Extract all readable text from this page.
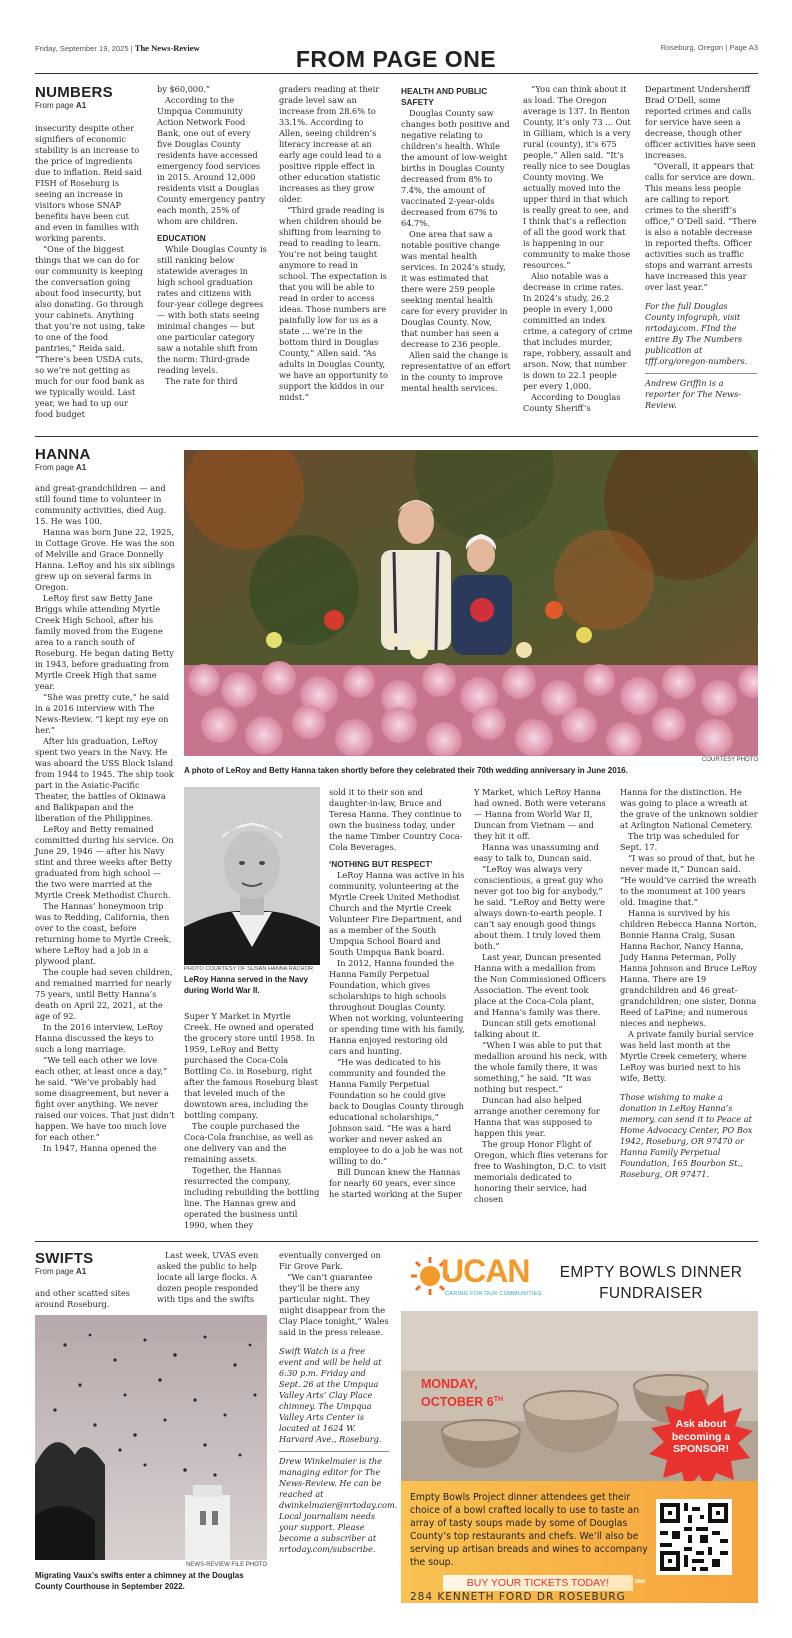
Friday, September 19, 2025 | The News-Review	FROM PAGE ONE	Roseburg, Oregon | Page A3
NUMBERS
From page A1

insecurity despite other signifiers of economic stability is an increase to the price of ingredients due to inflation. Reid said FISH of Roseburg is seeing an increase in visitors whose SNAP benefits have been cut and even in families with working parents.

“One of the biggest things that we can do for our community is keeping the conversation going about food insecurity, but also donating. Go through your cabinets. Anything that you’re not using, take to one of the food pantries,” Reida said. “There’s been USDA cuts, so we’re not getting as much for our food bank as we typically would. Last year, we had to up our food budget

by $60,000.”

According to the Umpqua Community Action Network Food Bank, one out of every five Douglas County residents have accessed emergency food services in 2015. Around 12,000 residents visit a Douglas County emergency pantry each month, 25% of whom are children.

EDUCATION

While Douglas County is still ranking below statewide averages in high school graduation rates and citizens with four-year college degrees — with both stats seeing minimal changes — but one particular category saw a notable shift from the norm: Third-grade reading levels.

The rate for third

graders reading at their grade level saw an increase from 28.6% to 33.1%. According to Allen, seeing children’s literacy increase at an early age could lead to a positive ripple effect in other education statistic increases as they grow older.

“Third grade reading is when children should be shifting from learning to read to reading to learn. You’re not being taught anymore to read in school. The expectation is that you will be able to read in order to access ideas. Those numbers are painfully low for us as a state ... we’re in the bottom third in Douglas County,” Allen said. “As adults in Douglas County, we have an opportunity to support the kiddos in our midst.”

HEALTH AND PUBLIC SAFETY

Douglas County saw changes both positive and negative relating to children’s health. While the amount of low-weight births in Douglas County decreased from 8% to 7.4%, the amount of vaccinated 2-year-olds decreased from 67% to 64.7%.

One area that saw a notable positive change was mental health services. In 2024’s study, it was estimated that there were 259 people seeking mental health care for every provider in Douglas County. Now, that number has seen a decrease to 236 people.

Allen said the change is representative of an effort in the county to improve mental health services.

“You can think about it as load. The Oregon average is 137. In Benton County, it’s only 73 ... Out in Gilliam, which is a very rural (county), it’s 675 people,” Allen said. “It’s really nice to see Douglas County moving. We actually moved into the upper third in that which is really great to see, and I think that’s a reflection of all the good work that is happening in our community to make those resources.”

Also notable was a decrease in crime rates. In 2024’s study, 26.2 people in every 1,000 committed an index crime, a category of crime that includes murder, rape, robbery, assault and arson. Now, that number is down to 22.1 people per every 1,000.

According to Douglas County Sheriff’s

Department Undersheriff Brad O’Dell, some reported crimes and calls for service have seen a decrease, though other officer activities have seen increases.

“Overall, it appears that calls for service are down. This means less people are calling to report crimes to the sheriff’s office,” O’Dell said. “There is also a notable decrease in reported thefts. Officer activities such as traffic stops and warrant arrests have increased this year over last year.”

For the full Douglas County infograph, visit nrtoday.com. FInd the entire By The Numbers publication at tfff.org/oregon-numbers.

Andrew Griffin is a reporter for The News-Review.

HANNA
From page A1
COURTESY PHOTO
A photo of LeRoy and Betty Hanna taken shortly before they celebrated their 70th wedding anniversary in June 2016.

and great-grandchildren — and still found time to volunteer in community activities, died Aug. 15. He was 100.

Hanna was born June 22, 1925, in Cottage Grove. He was the son of Melville and Grace Donnelly Hanna. LeRoy and his six siblings grew up on several farms in Oregon.

LeRoy first saw Betty Jane Briggs while attending Myrtle Creek High School, after his family moved from the Eugene area to a ranch south of Roseburg. He began dating Betty in 1943, before graduating from Myrtle Creek High that same year.

“She was pretty cute,” he said in a 2016 interview with The News-Review. “I kept my eye on her.”

After his graduation, LeRoy spent two years in the Navy. He was aboard the USS Block Island from 1944 to 1945. The ship took part in the Asiatic-Pacific Theater, the battles of Okinawa and Balikpapan and the liberation of the Philippines.

LeRoy and Betty remained committed during his service. On June 29, 1946 — after his Navy stint and three weeks after Betty graduated from high school — the two were married at the Myrtle Creek Methodist Church.

The Hannas’ honeymoon trip was to Redding, California, then over to the coast, before returning home to Myrtle Creek, where LeRoy had a job in a plywood plant.

The couple had seven children, and remained married for nearly 75 years, until Betty Hanna’s death on April 22, 2021, at the age of 92.

In the 2016 interview, LeRoy Hanna discussed the keys to such a long marriage.

“We tell each other we love each other, at least once a day,” he said. “We’ve probably had some disagreement, but never a fight over anything. We never raised our voices. That just didn’t happen. We have too much love for each other.”

In 1947, Hanna opened the

PHOTO COURTESY OF SUSAN HANNA RACHOR
LeRoy Hanna served in the Navy during World War II.

Super Y Market in Myrtle Creek. He owned and operated the grocery store until 1958. In 1959, LeRoy and Betty purchased the Coca-Cola Bottling Co. in Roseburg, right after the famous Roseburg blast that leveled much of the downtown area, including the bottling company.

The couple purchased the Coca-Cola franchise, as well as one delivery van and the remaining assets.

Together, the Hannas resurrected the company, including rebuilding the bottling line. The Hannas grew and operated the business until 1990, when they

sold it to their son and daughter-in-law, Bruce and Teresa Hanna. They continue to own the business today, under the name Timber Country Coca-Cola Beverages.

‘NOTHING BUT RESPECT’

LeRoy Hanna was active in his community, volunteering at the Myrtle Creek United Methodist Church and the Myrtle Creek Volunteer Fire Department, and as a member of the South Umpqua School Board and South Umpqua Bank board.

In 2012, Hanna founded the Hanna Family Perpetual Foundation, which gives scholarships to high schools throughout Douglas County. When not working, volunteering or spending time with his family, Hanna enjoyed restoring old cars and hunting.

“He was dedicated to his community and founded the Hanna Family Perpetual Foundation so he could give back to Douglas County through educational scholarships,” Johnson said. “He was a hard worker and never asked an employee to do a job he was not willing to do.”

Bill Duncan knew the Hannas for nearly 60 years, ever since he started working at the Super

Y Market, which LeRoy Hanna had owned. Both were veterans — Hanna from World War II, Duncan from Vietnam — and they hit it off.

Hanna was unassuming and easy to talk to, Duncan said.

“LeRoy was always very conscientious, a great guy who never got too big for anybody,” he said. “LeRoy and Betty were always down-to-earth people. I can’t say enough good things about them. I truly loved them both.”

Last year, Duncan presented Hanna with a medallion from the Non Commissioned Officers Association. The event took place at the Coca-Cola plant, and Hanna’s family was there.

Duncan still gets emotional talking about it.

“When I was able to put that medallion around his neck, with the whole family there, it was something,” he said. “It was nothing but respect.”

Duncan had also helped arrange another ceremony for Hanna that was supposed to happen this year.

The group Honor Flight of Oregon, which flies veterans for free to Washington, D.C. to visit memorials dedicated to honoring their service, had chosen

Hanna for the distinction. He was going to place a wreath at the grave of the unknown soldier at Arlington National Cemetery.

The trip was scheduled for Sept. 17.

“I was so proud of that, but he never made it,” Duncan said. “He would’ve carried the wreath to the monument at 100 years old. Imagine that.”

Hanna is survived by his children Rebecca Hanna Norton, Bonnie Hanna Craig, Susan Hanna Rachor, Nancy Hanna, Judy Hanna Peterman, Polly Hanna Johnson and Bruce LeRoy Hanna. There are 19 grandchildren and 46 great-grandchildren; one sister, Donna Reed of LaPine; and numerous nieces and nephews.

A private family burial service was held last month at the Myrtle Creek cemetery, where LeRoy was buried next to his wife, Betty.

Those wishing to make a donation in LeRoy Hanna’s memory, can send it to Peace at Home Advocacy Center, PO Box 1942, Roseburg, OR 97470 or Hanna Family Perpetual Foundation, 165 Bourbon St., Roseburg, OR 97471.

SWIFTS
From page A1

and other scatted sites around Roseburg.

Last week, UVAS even asked the public to help locate all large flocks. A dozen people responded with tips and the swifts

eventually converged on Fir Grove Park.

“We can’t guarantee they’ll be there any particular night. They might disappear from the Clay Place tonight,” Wales said in the press release.

Swift Watch is a free event and will be held at 6:30 p.m. Friday and Sept. 26 at the Umpqua Valley Arts’ Clay Place chimney. The Umpqua Valley Arts Center is located at 1624 W. Harvard Ave., Roseburg.

Drew Winkelmaier is the managing editor for The News-Review. He can be reached at dwinkelmaier@nrtoday.com.

Local journalism needs your support. Please become a subscriber at nrtoday.com/subscribe.

NEWS-REVIEW FILE PHOTO
Migrating Vaux’s swifts enter a chimney at the Douglas County Courthouse in September 2022.
UCAN
CARING FOR OUR COMMUNITIES
EMPTY BOWLS DINNER FUNDRAISER
MONDAY,
OCTOBER 6TH
Ask about becoming a SPONSOR!
Empty Bowls Project dinner attendees get their choice of a bowl crafted locally to use to taste an array of tasty soups made by some of Douglas County’s top restaurants and chefs. We’ll also be serving up artisan breads and wines to accompany the soup.
BUY YOUR TICKETS TODAY!	›››››
284 KENNETH FORD DR ROSEBURG
